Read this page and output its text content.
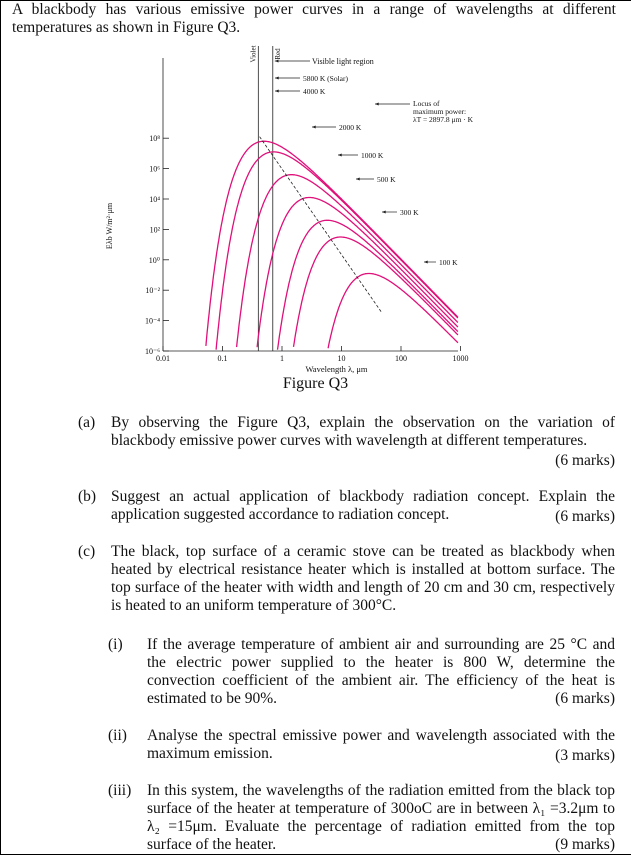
A blackbody has various emissive power curves in a range of wavelengths at different temperatures as shown in Figure Q3.
10⁸
10⁶
10⁴
10²
10⁰
10⁻²
10⁻⁴
10⁻⁶
0.01	0.1	1	10	100	1000
Wavelength λ, μm
Eλb W/m²·μm
Violet Red
Visible light region
5800 K (Solar)
4000 K
2000 K
1000 K
500 K
300 K
100 K
Locus of
maximum power:
λT = 2897.8 μm · K
Figure Q3
(a) By observing the Figure Q3, explain the observation on the variation of blackbody emissive power curves with wavelength at different temperatures.
(6 marks)
(b) Suggest an actual application of blackbody radiation concept. Explain the application suggested accordance to radiation concept.	(6 marks)
(c) The black, top surface of a ceramic stove can be treated as blackbody when heated by electrical resistance heater which is installed at bottom surface. The top surface of the heater with width and length of 20 cm and 30 cm, respectively is heated to an uniform temperature of 300°C.
(i) If the average temperature of ambient air and surrounding are 25 °C and the electric power supplied to the heater is 800 W, determine the convection coefficient of the ambient air. The efficiency of the heat is estimated to be 90%.	(6 marks)
(ii) Analyse the spectral emissive power and wavelength associated with the maximum emission.	(3 marks)
(iii) In this system, the wavelengths of the radiation emitted from the black top surface of the heater at temperature of 300oC are in between λ₁ =3.2μm to λ₂ =15μm. Evaluate the percentage of radiation emitted from the top surface of the heater.	(9 marks)
